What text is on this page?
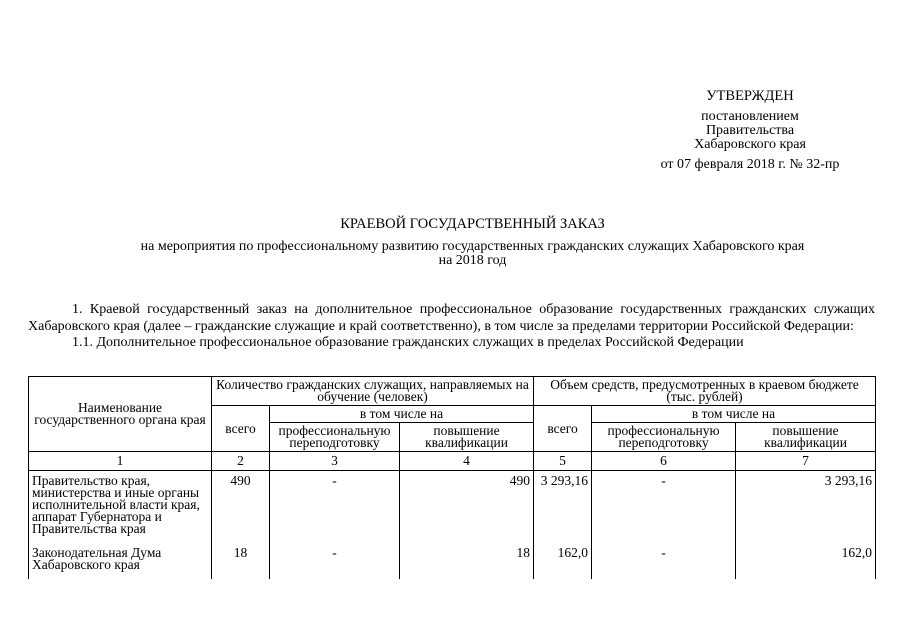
УТВЕРЖДЕН
постановлением
Правительства
Хабаровского края
от 07 февраля 2018 г. № 32-пр
КРАЕВОЙ ГОСУДАРСТВЕННЫЙ ЗАКАЗ
на мероприятия по профессиональному развитию государственных гражданских служащих Хабаровского края
на 2018 год

1. Краевой государственный заказ на дополнительное профессиональное образование государственных гражданских служащих Хабаровского края (далее – гражданские служащие и край соответственно), в том числе за пределами территории Российской Федерации:

1.1. Дополнительное профессиональное образование гражданских служащих в пределах Российской Федерации

Наименование государственного органа края	Количество гражданских служащих, направляемых на обучение (человек)			Объем средств, предусмотренных в краевом бюджете (тыс. рублей)		
	всего	в том числе на		всего	в том числе на	
		профессиональную переподготовку	повышение квалификации		профессиональную переподготовку	повышение квалификации
1	2	3	4	5	6	7
Правительство края, министерства и иные органы исполнительной власти края, аппарат Губернатора и Правительства края	490	-	490	3 293,16	-	3 293,16
Законодательная Дума Хабаровского края	18	-	18	162,0	-	162,0
